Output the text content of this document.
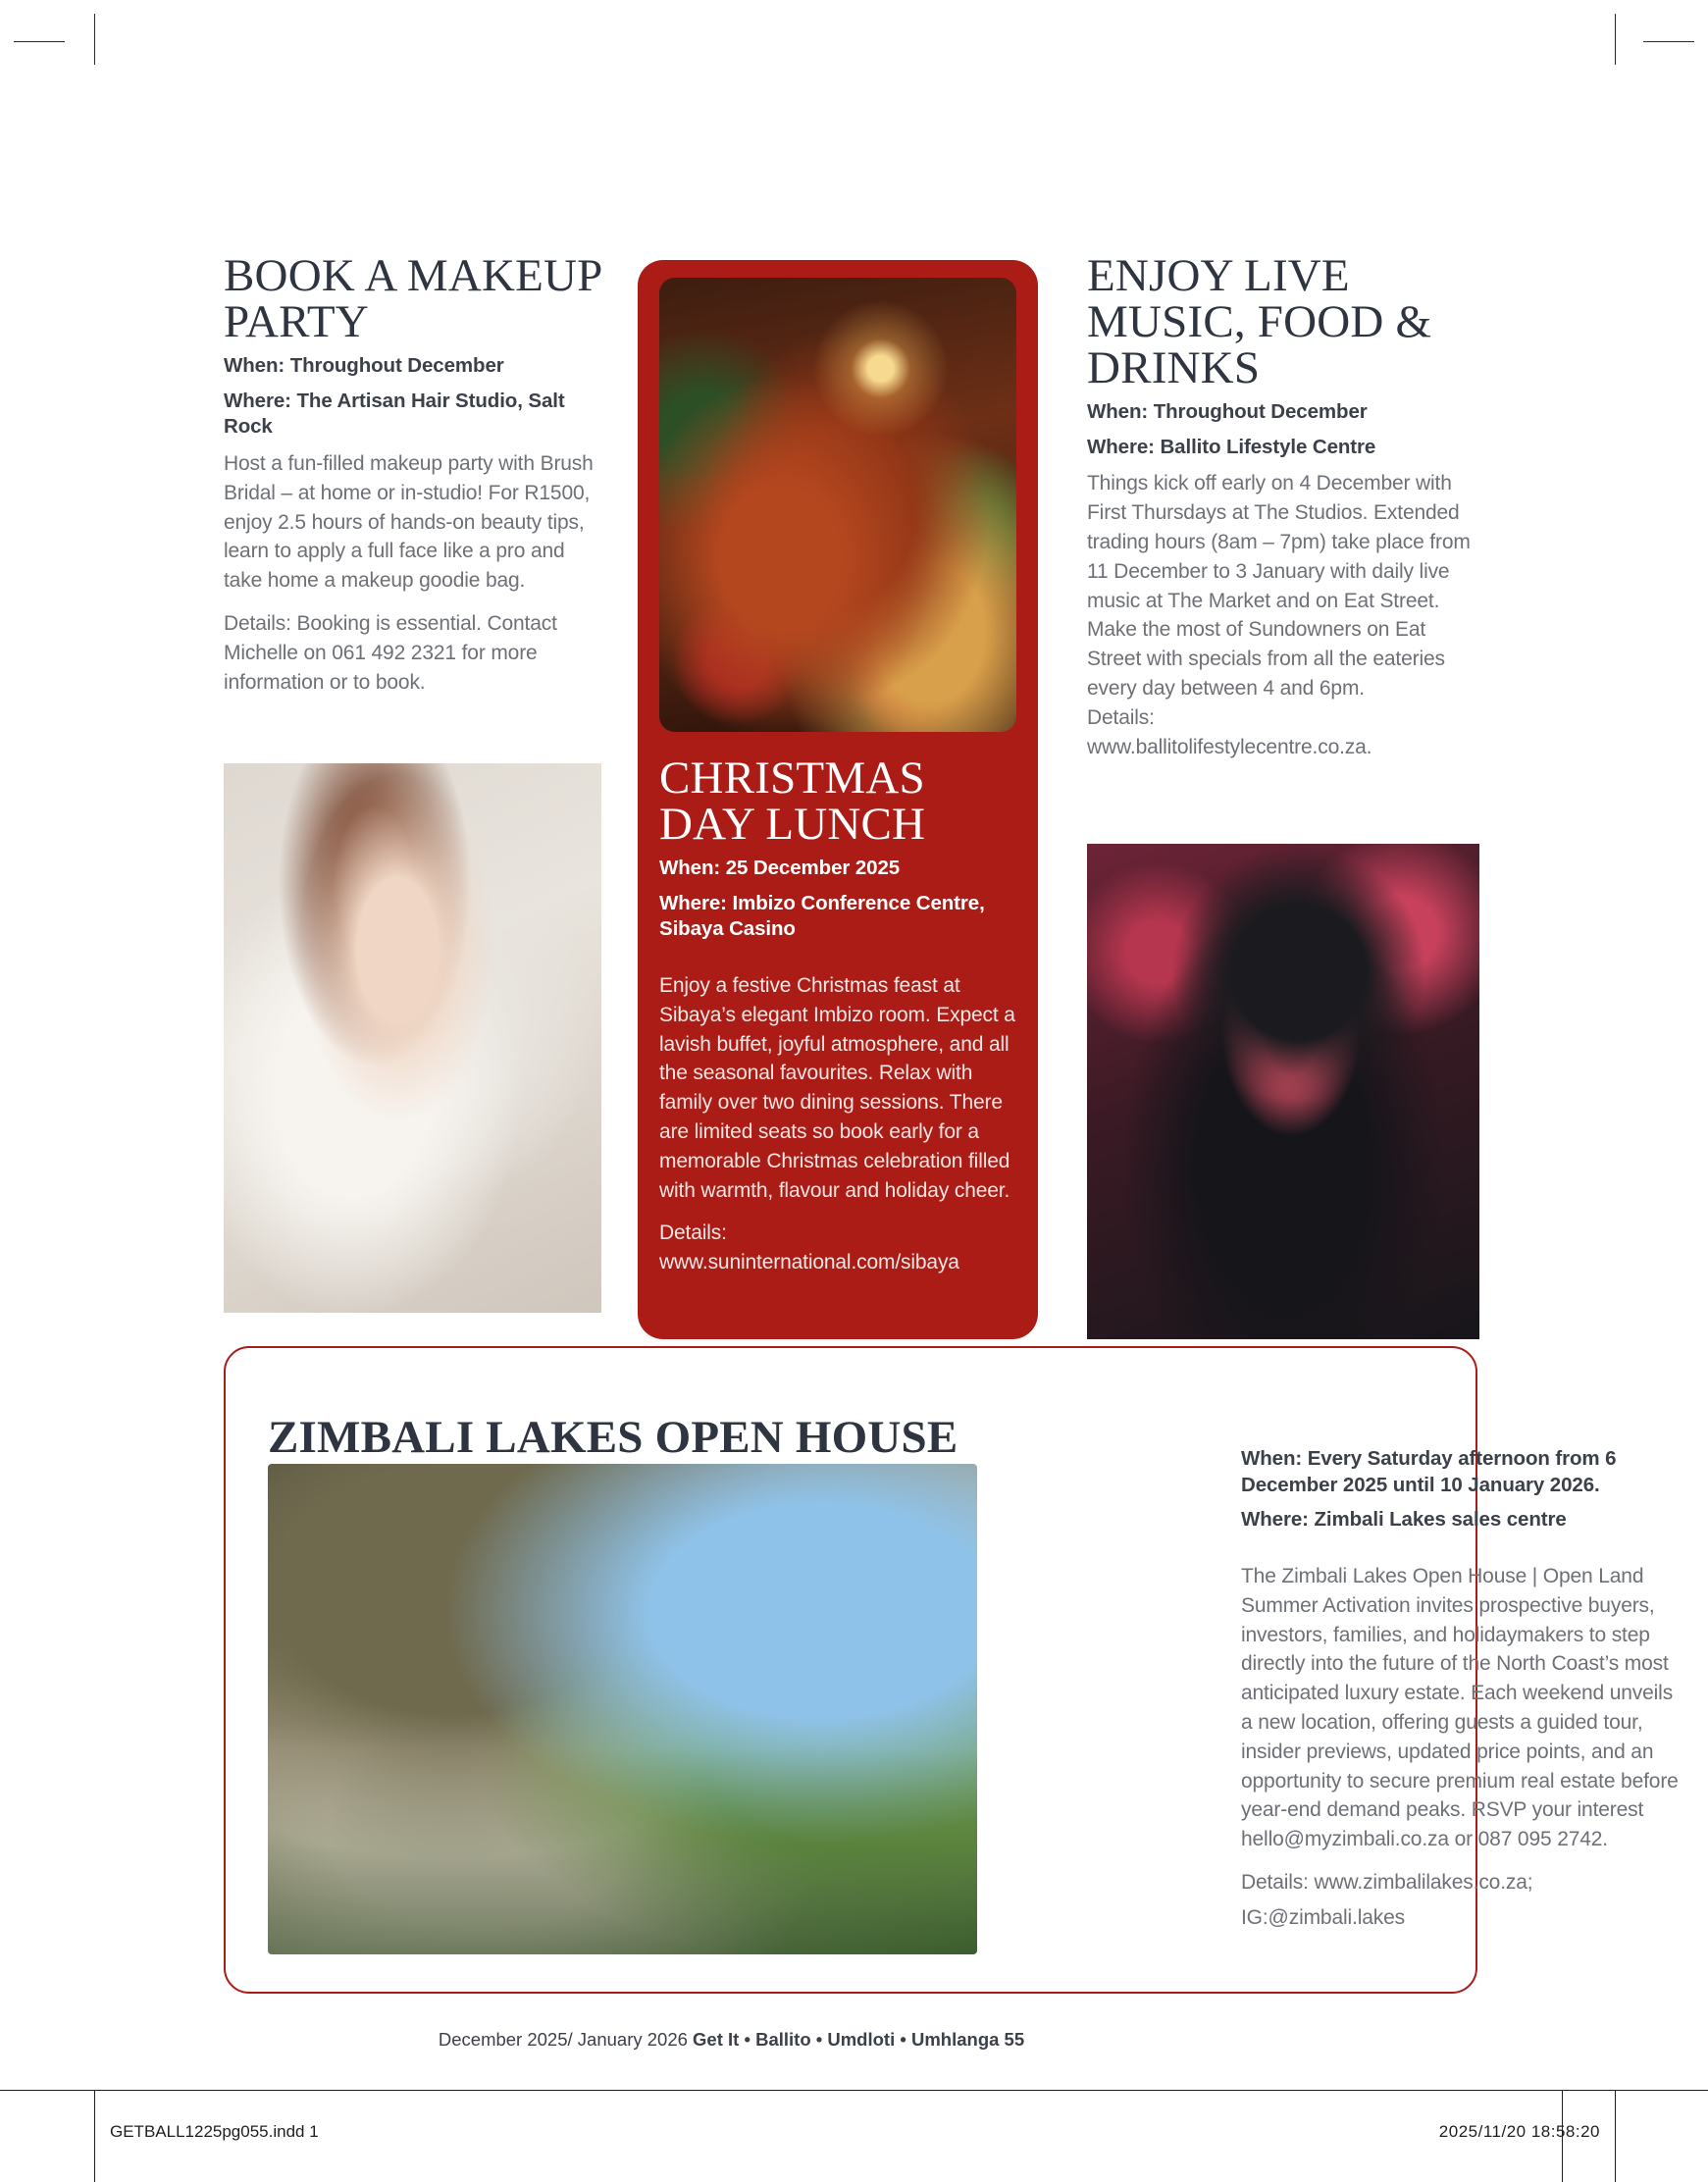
BOOK A MAKEUP PARTY

When: Throughout December

Where: The Artisan Hair Studio, Salt Rock

Host a fun-filled makeup party with Brush Bridal – at home or in-studio! For R1500, enjoy 2.5 hours of hands-on beauty tips, learn to apply a full face like a pro and take home a makeup goodie bag.

Details: Booking is essential. Contact Michelle on 061 492 2321 for more information or to book.

CHRISTMAS DAY LUNCH

When: 25 December 2025

Where: Imbizo Conference Centre, Sibaya Casino

Enjoy a festive Christmas feast at Sibaya’s elegant Imbizo room. Expect a lavish buffet, joyful atmosphere, and all the seasonal favourites. Relax with family over two dining sessions. There are limited seats so book early for a memorable Christmas celebration filled with warmth, flavour and holiday cheer.

Details:

www.suninternational.com/sibaya

ENJOY LIVE MUSIC, FOOD & DRINKS

When: Throughout December

Where: Ballito Lifestyle Centre

Things kick off early on 4 December with First Thursdays at The Studios. Extended trading hours (8am – 7pm) take place from 11 December to 3 January with daily live music at The Market and on Eat Street. Make the most of Sundowners on Eat Street with specials from all the eateries every day between 4 and 6pm.

Details:

www.ballitolifestylecentre.co.za.

ZIMBALI LAKES OPEN HOUSE	When: Every Saturday afternoon from 6 December 2025 until 10 January 2026.

Where: Zimbali Lakes sales centre

The Zimbali Lakes Open House | Open Land Summer Activation invites prospective buyers, investors, families, and holidaymakers to step directly into the future of the North Coast’s most anticipated luxury estate. Each weekend unveils a new location, offering guests a guided tour, insider previews, updated price points, and an opportunity to secure premium real estate before year-end demand peaks. RSVP your interest hello@myzimbali.co.za or 087 095 2742.

Details: www.zimbalilakes.co.za;

IG:@zimbali.lakes

December 2025/ January 2026 Get It • Ballito • Umdloti • Umhlanga 55
GETBALL1225pg055.indd 1	2025/11/20 18:58:20
